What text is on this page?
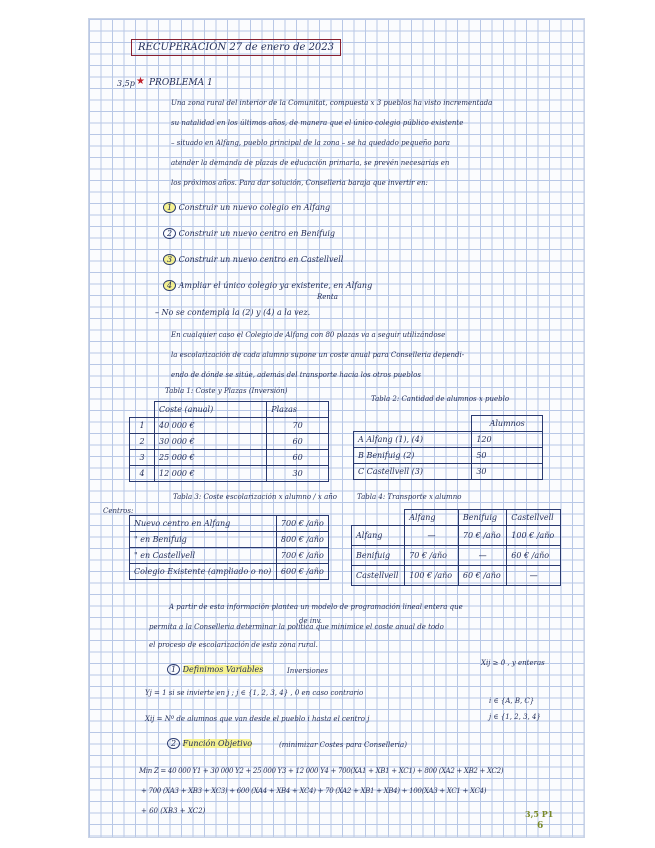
RECUPERACIÓN 27 de enero de 2023
3,5p ★ PROBLEMA 1
Una zona rural del interior de la Comunitat, compuesta x 3 pueblos ha visto incrementada
su natalidad en los últimos años, de manera que el único colegio público existente
– situado en Alfang, pueblo principal de la zona – se ha quedado pequeño para
atender la demanda de plazas de educación primaria, se prevén necesarias en
los próximos años. Para dar solución, Conselleria baraja que invertir en:
1 Construir un nuevo colegio en Alfang
2 Construir un nuevo centro en Benifuig
3 Construir un nuevo centro en Castellvell
4 Ampliar el único colegio ya existente, en Alfang
Renta
– No se contempla la (2) y (4) a la vez.
En cualquier caso el Colegio de Alfang con 80 plazas va a seguir utilizándose
la escolarización de cada alumno supone un coste anual para Conselleria dependi-
endo de dónde se sitúe, además del transporte hacia los otros pueblos
Tabla 1: Coste y Plazas (Inversión)
	Coste (anual)	Plazas
1	40 000 €	70
2	30 000 €	60
3	25 000 €	60
4	12 000 €	30
Tabla 2: Cantidad de alumnos x pueblo
	Alumnos
A Alfang (1), (4)	120
B Benifuig (2)	50
C Castellvell (3)	30
Tabla 3: Coste escolarización x alumno / x año
Centros:
Nuevo centro en Alfang	700 € /año
" en Benifuig	800 € /año
" en Castellvell	700 € /año
Colegio Existente (ampliado o no)	600 € /año
Tabla 4: Transporte x alumno
	Alfang	Benifuig	Castellvell
Alfang	—	70 € /año	100 € /año
Benifuig	70 € /año	—	60 € /año
Castellvell	100 € /año	60 € /año	—
de inv.
A partir de esta información plantea un modelo de programación lineal entera que
permita a la Conselleria determinar la política que minimice el coste anual de todo
el proceso de escolarización de esta zona rural.
1 Definimos Variables	Inversiones
Xij ≥ 0 , y enteras
i ∈ {A, B, C}
j ∈ {1, 2, 3, 4}
Yj = 1 si se invierte en j ; j ∈ {1, 2, 3, 4} , 0 en caso contrario
Xij = Nº de alumnos que van desde el pueblo i hasta el centro j
2 Función Objetivo	(minimizar Costes para Conselleria)
Min Z = 40 000 Y1 + 30 000 Y2 + 25 000 Y3 + 12 000 Y4 + 700(XA1 + XB1 + XC1) + 800 (XA2 + XB2 + XC2)
+ 700 (XA3 + XB3 + XC3) + 600 (XA4 + XB4 + XC4) + 70 (XA2 + XB1 + XB4) + 100(XA3 + XC1 + XC4)
+ 60 (XB3 + XC2)	3,5 P1
6
